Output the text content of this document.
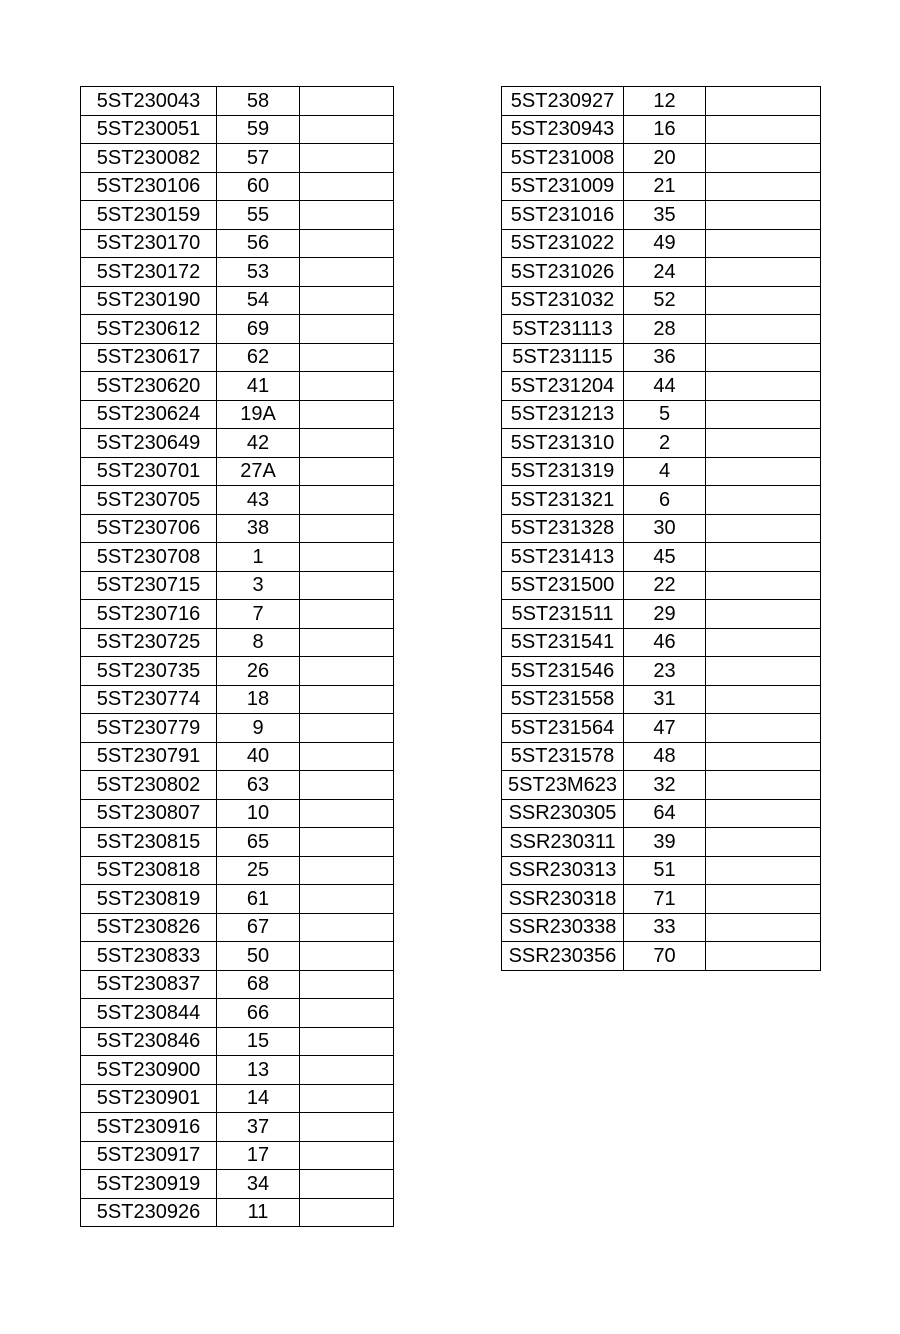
5ST230043	58	
5ST230051	59	
5ST230082	57	
5ST230106	60	
5ST230159	55	
5ST230170	56	
5ST230172	53	
5ST230190	54	
5ST230612	69	
5ST230617	62	
5ST230620	41	
5ST230624	19A	
5ST230649	42	
5ST230701	27A	
5ST230705	43	
5ST230706	38	
5ST230708	1	
5ST230715	3	
5ST230716	7	
5ST230725	8	
5ST230735	26	
5ST230774	18	
5ST230779	9	
5ST230791	40	
5ST230802	63	
5ST230807	10	
5ST230815	65	
5ST230818	25	
5ST230819	61	
5ST230826	67	
5ST230833	50	
5ST230837	68	
5ST230844	66	
5ST230846	15	
5ST230900	13	
5ST230901	14	
5ST230916	37	
5ST230917	17	
5ST230919	34	
5ST230926	11	
5ST230927	12	
5ST230943	16	
5ST231008	20	
5ST231009	21	
5ST231016	35	
5ST231022	49	
5ST231026	24	
5ST231032	52	
5ST231113	28	
5ST231115	36	
5ST231204	44	
5ST231213	5	
5ST231310	2	
5ST231319	4	
5ST231321	6	
5ST231328	30	
5ST231413	45	
5ST231500	22	
5ST231511	29	
5ST231541	46	
5ST231546	23	
5ST231558	31	
5ST231564	47	
5ST231578	48	
5ST23M623	32	
SSR230305	64	
SSR230311	39	
SSR230313	51	
SSR230318	71	
SSR230338	33	
SSR230356	70	
